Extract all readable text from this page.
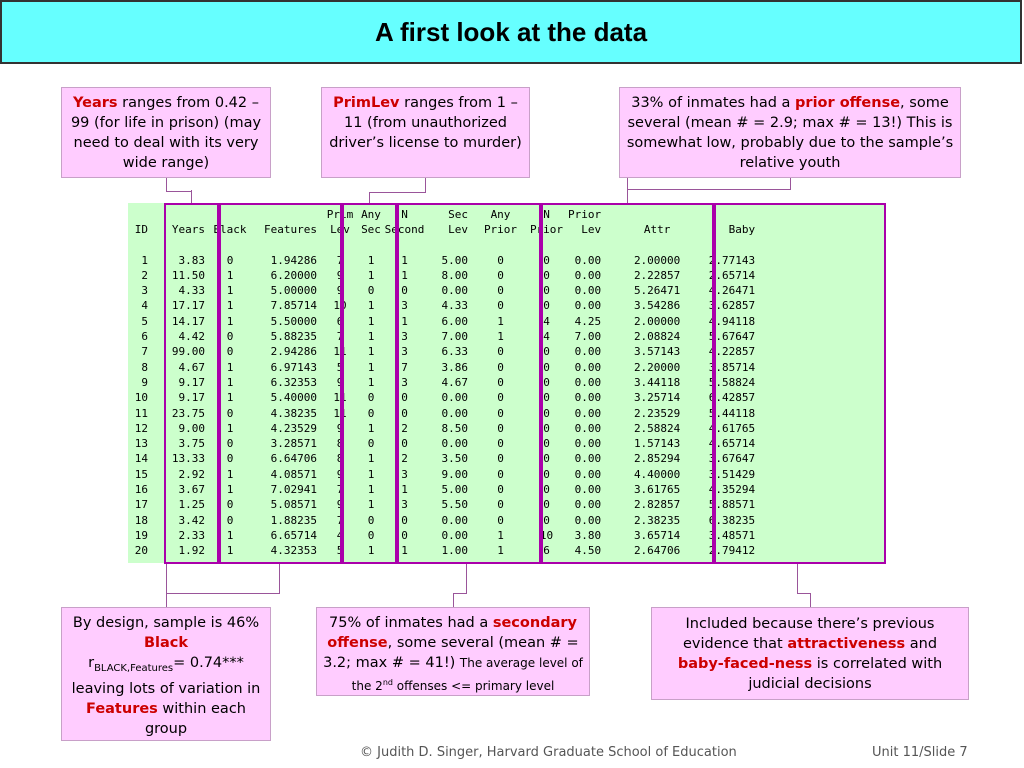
A first look at the data
Years ranges from 0.42 – 99 (for life in prison) (may need to deal with its very wide range)
PrimLev ranges from 1 – 11 (from unauthorized driver’s license to murder)
33% of inmates had a prior offense, some several (mean # = 2.9; max # = 13!) This is somewhat low, probably due to the sample’s relative youth
By design, sample is 46%
Black
$r_{BLACK,Features}= 0.74***$
leaving lots of variation in Features within each group
75% of inmates had a secondary offense, some several (mean # = 3.2; max # = 41!) The average level of the 2nd offenses <= primary level
Included because there’s previous evidence that attractiveness and baby-faced-ness is correlated with judicial decisions
				Prim	Any	N	Sec	Any	N	Prior		
ID	Years	Black	Features	Lev	Sec	Second	Lev	Prior	Prior	Lev	Attr	Baby

1	3.83	0	1.94286	7	1	1	5.00	0	0	0.00	2.00000	2.77143
2	11.50	1	6.20000	9	1	1	8.00	0	0	0.00	2.22857	2.65714
3	4.33	1	5.00000	9	0	0	0.00	0	0	0.00	5.26471	4.26471
4	17.17	1	7.85714	10	1	3	4.33	0	0	0.00	3.54286	3.62857
5	14.17	1	5.50000	6	1	1	6.00	1	4	4.25	2.00000	4.94118
6	4.42	0	5.88235	7	1	3	7.00	1	4	7.00	2.08824	5.67647
7	99.00	0	2.94286	11	1	3	6.33	0	0	0.00	3.57143	4.22857
8	4.67	1	6.97143	5	1	7	3.86	0	0	0.00	2.20000	3.85714
9	9.17	1	6.32353	9	1	3	4.67	0	0	0.00	3.44118	5.58824
10	9.17	1	5.40000	11	0	0	0.00	0	0	0.00	3.25714	6.42857
11	23.75	0	4.38235	11	0	0	0.00	0	0	0.00	2.23529	5.44118
12	9.00	1	4.23529	9	1	2	8.50	0	0	0.00	2.58824	4.61765
13	3.75	0	3.28571	8	0	0	0.00	0	0	0.00	1.57143	4.65714
14	13.33	0	6.64706	8	1	2	3.50	0	0	0.00	2.85294	3.67647
15	2.92	1	4.08571	9	1	3	9.00	0	0	0.00	4.40000	3.51429
16	3.67	1	7.02941	7	1	1	5.00	0	0	0.00	3.61765	4.35294
17	1.25	0	5.08571	9	1	3	5.50	0	0	0.00	2.82857	5.88571
18	3.42	0	1.88235	7	0	0	0.00	0	0	0.00	2.38235	6.38235
19	2.33	1	6.65714	4	0	0	0.00	1	10	3.80	3.65714	3.48571
20	1.92	1	4.32353	5	1	1	1.00	1	6	4.50	2.64706	2.79412
© Judith D. Singer, Harvard Graduate School of Education	Unit 11/Slide 7
